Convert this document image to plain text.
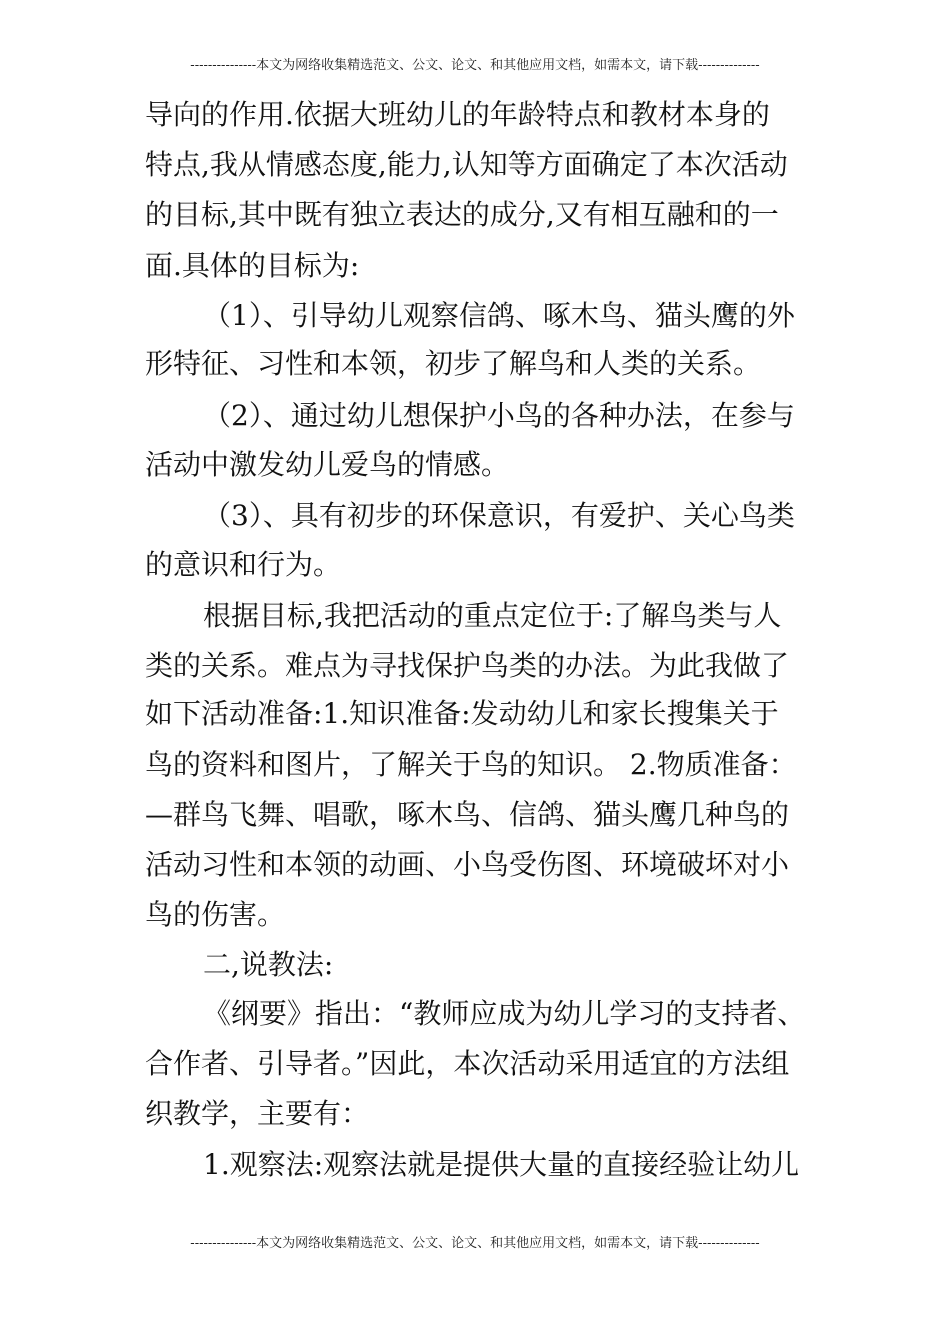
---------------本文为网络收集精选范文、公文、论文、和其他应用文档，如需本文，请下载--------------
导向的作用.依据大班幼儿的年龄特点和教材本身的
特点,我从情感态度,能力,认知等方面确定了本次活动
的目标,其中既有独立表达的成分,又有相互融和的一
面.具体的目标为:
（1）、引导幼儿观察信鸽、啄木鸟、猫头鹰的外
形特征、习性和本领，初步了解鸟和人类的关系。
（2）、通过幼儿想保护小鸟的各种办法，在参与
活动中激发幼儿爱鸟的情感。
（3）、具有初步的环保意识，有爱护、关心鸟类
的意识和行为。
根据目标,我把活动的重点定位于:了解鸟类与人
类的关系。难点为寻找保护鸟类的办法。为此我做了
如下活动准备:1.知识准备:发动幼儿和家长搜集关于
鸟的资料和图片，了解关于鸟的知识。 2.物质准备：
—群鸟飞舞、唱歌，啄木鸟、信鸽、猫头鹰几种鸟的
活动习性和本领的动画、小鸟受伤图、环境破坏对小
鸟的伤害。
二,说教法:
《纲要》指出：“教师应成为幼儿学习的支持者、
合作者、引导者。”因此，本次活动采用适宜的方法组
织教学，主要有：
1.观察法:观察法就是提供大量的直接经验让幼儿
---------------本文为网络收集精选范文、公文、论文、和其他应用文档，如需本文，请下载--------------
